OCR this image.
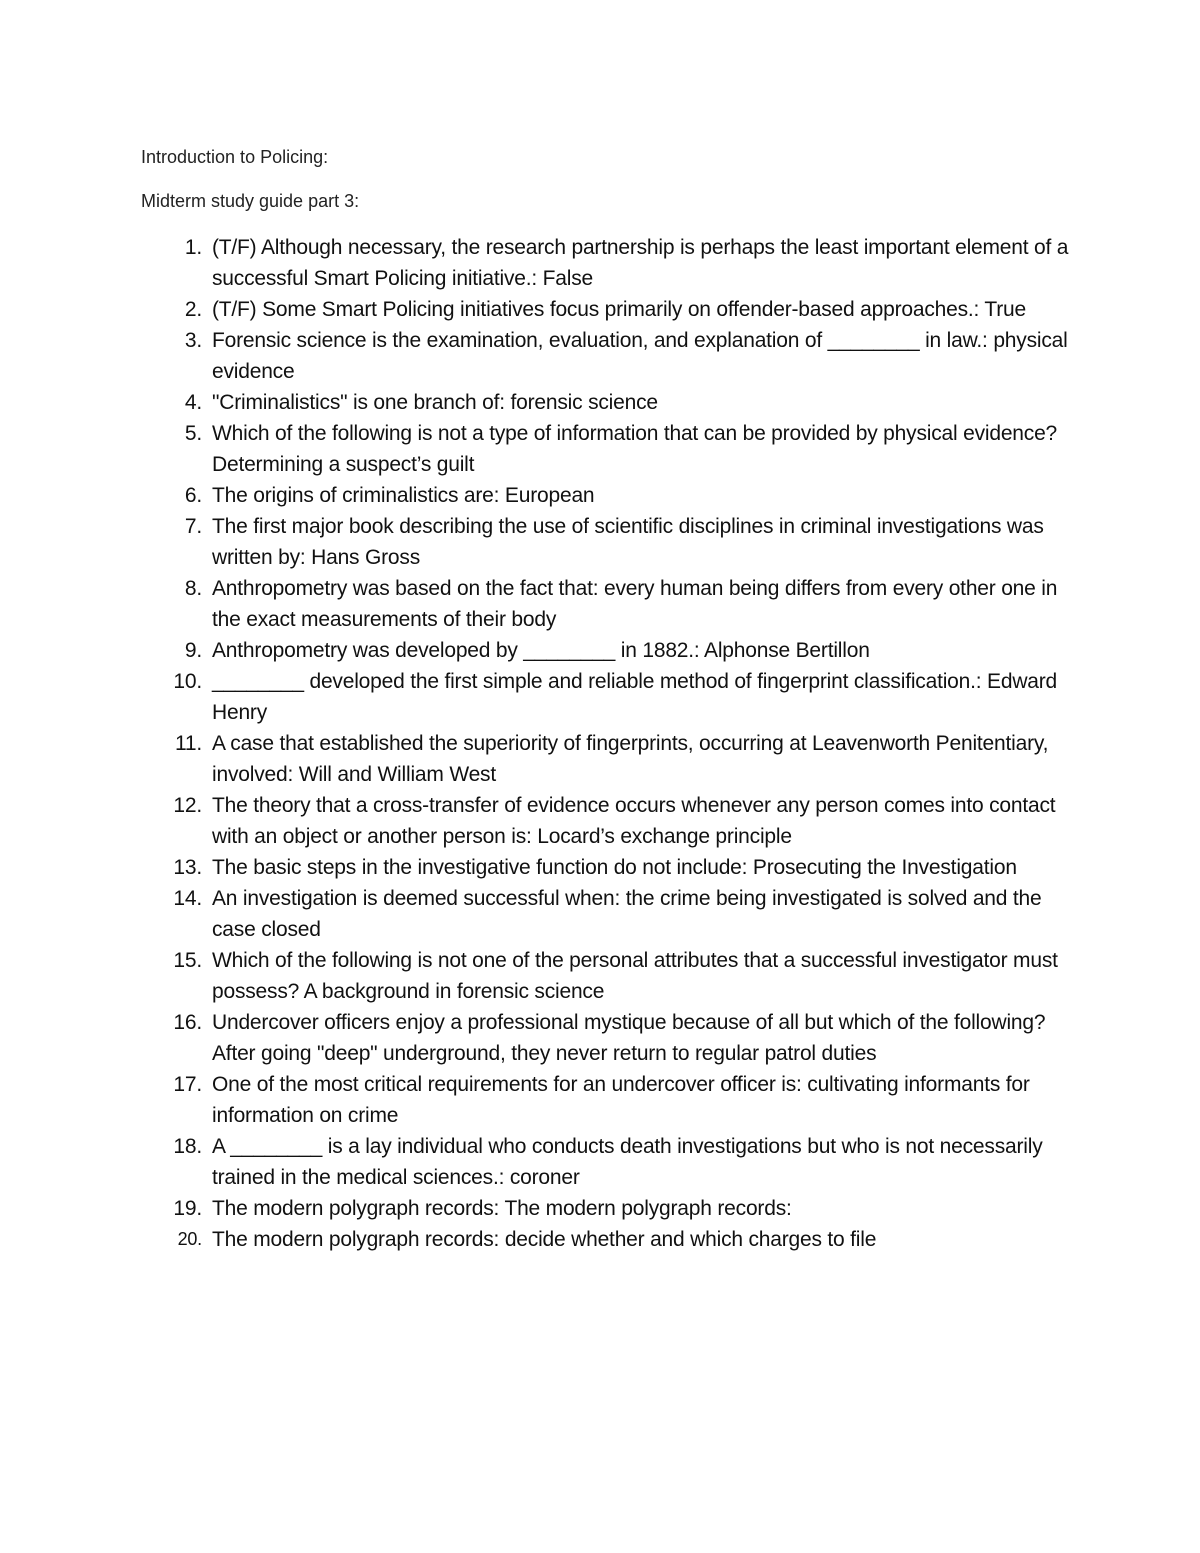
Introduction to Policing:

Midterm study guide part 3:

1. (T/F) Although necessary, the research partnership is perhaps the least important element of a successful Smart Policing initiative.: False
2. (T/F) Some Smart Policing initiatives focus primarily on offender-based approaches.: True
3. Forensic science is the examination, evaluation, and explanation of ________ in law.: physical evidence
4. "Criminalistics" is one branch of: forensic science
5. Which of the following is not a type of information that can be provided by physical evidence? Determining a suspect’s guilt
6. The origins of criminalistics are: European
7. The first major book describing the use of scientific disciplines in criminal investigations was written by: Hans Gross
8. Anthropometry was based on the fact that: every human being differs from every other one in the exact measurements of their body
9. Anthropometry was developed by ________ in 1882.: Alphonse Bertillon
10. ________ developed the first simple and reliable method of fingerprint classification.: Edward Henry
11. A case that established the superiority of fingerprints, occurring at Leavenworth Penitentiary, involved: Will and William West
12. The theory that a cross-transfer of evidence occurs whenever any person comes into contact with an object or another person is: Locard’s exchange principle
13. The basic steps in the investigative function do not include: Prosecuting the Investigation
14. An investigation is deemed successful when: the crime being investigated is solved and the case closed
15. Which of the following is not one of the personal attributes that a successful investigator must possess? A background in forensic science
16. Undercover officers enjoy a professional mystique because of all but which of the following? After going "deep" underground, they never return to regular patrol duties
17. One of the most critical requirements for an undercover officer is: cultivating informants for information on crime
18. A ________ is a lay individual who conducts death investigations but who is not necessarily trained in the medical sciences.: coroner
19. The modern polygraph records: The modern polygraph records:
20. The modern polygraph records: decide whether and which charges to file
